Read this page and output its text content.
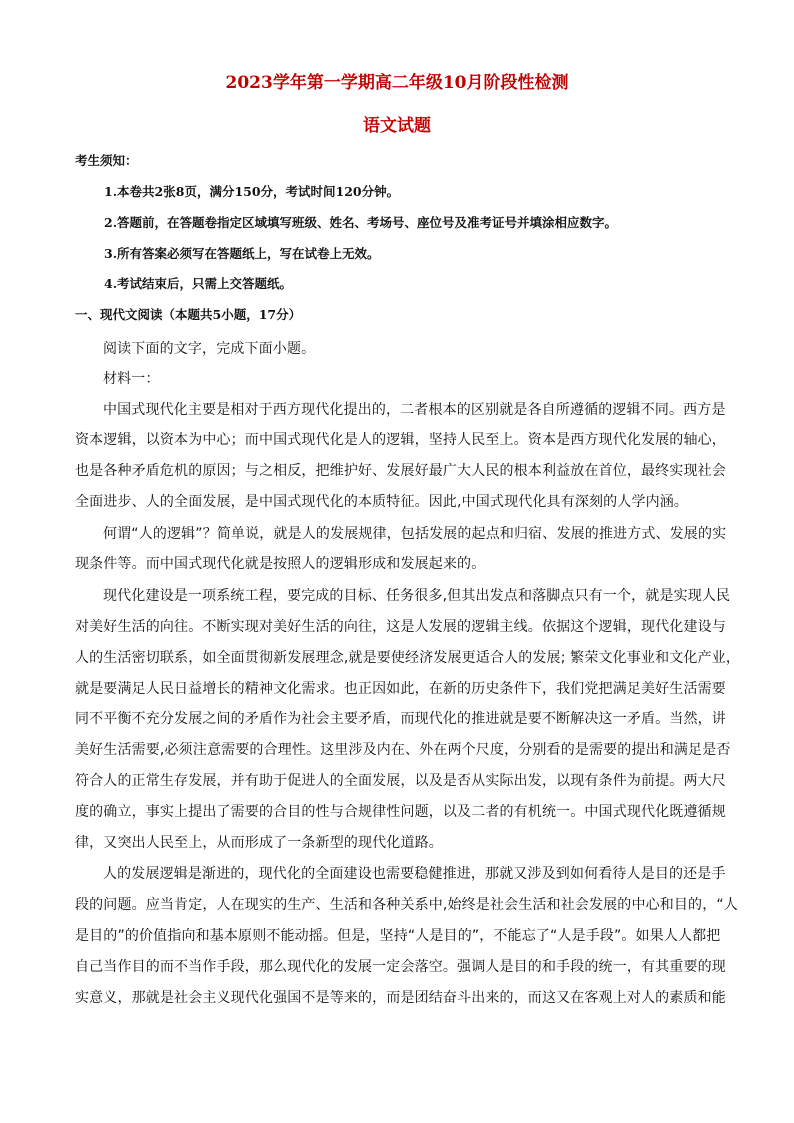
2023学年第一学期高二年级10月阶段性检测
语文试题
考生须知：
1.本卷共2张8页，满分150分，考试时间120分钟。
2.答题前，在答题卷指定区域填写班级、姓名、考场号、座位号及准考证号并填涂相应数字。
3.所有答案必须写在答题纸上，写在试卷上无效。
4.考试结束后，只需上交答题纸。
一、现代文阅读（本题共5小题，17分）
阅读下面的文字，完成下面小题。
材料一：
中国式现代化主要是相对于西方现代化提出的，二者根本的区别就是各自所遵循的逻辑不同。西方是
资本逻辑，以资本为中心；而中国式现代化是人的逻辑，坚持人民至上。资本是西方现代化发展的轴心，
也是各种矛盾危机的原因；与之相反，把维护好、发展好最广大人民的根本利益放在首位，最终实现社会
全面进步、人的全面发展，是中国式现代化的本质特征。因此,中国式现代化具有深刻的人学内涵。
何谓“人的逻辑”？简单说，就是人的发展规律，包括发展的起点和归宿、发展的推进方式、发展的实
现条件等。而中国式现代化就是按照人的逻辑形成和发展起来的。
现代化建设是一项系统工程，要完成的目标、任务很多,但其出发点和落脚点只有一个，就是实现人民
对美好生活的向往。不断实现对美好生活的向往，这是人发展的逻辑主线。依据这个逻辑，现代化建设与
人的生活密切联系，如全面贯彻新发展理念,就是要使经济发展更适合人的发展; 繁荣文化事业和文化产业，
就是要满足人民日益增长的精神文化需求。也正因如此，在新的历史条件下，我们党把满足美好生活需要
同不平衡不充分发展之间的矛盾作为社会主要矛盾，而现代化的推进就是要不断解决这一矛盾。当然，讲
美好生活需要,必须注意需要的合理性。这里涉及内在、外在两个尺度，分别看的是需要的提出和满足是否
符合人的正常生存发展，并有助于促进人的全面发展，以及是否从实际出发，以现有条件为前提。两大尺
度的确立，事实上提出了需要的合目的性与合规律性问题，以及二者的有机统一。中国式现代化既遵循规
律，又突出人民至上，从而形成了一条新型的现代化道路。
人的发展逻辑是渐进的，现代化的全面建设也需要稳健推进，那就又涉及到如何看待人是目的还是手
段的问题。应当肯定，人在现实的生产、生活和各种关系中,始终是社会生活和社会发展的中心和目的，“人
是目的”的价值指向和基本原则不能动摇。但是，坚持“人是目的”，不能忘了“人是手段”。如果人人都把
自己当作目的而不当作手段，那么现代化的发展一定会落空。强调人是目的和手段的统一，有其重要的现
实意义，那就是社会主义现代化强国不是等来的，而是团结奋斗出来的，而这又在客观上对人的素质和能
